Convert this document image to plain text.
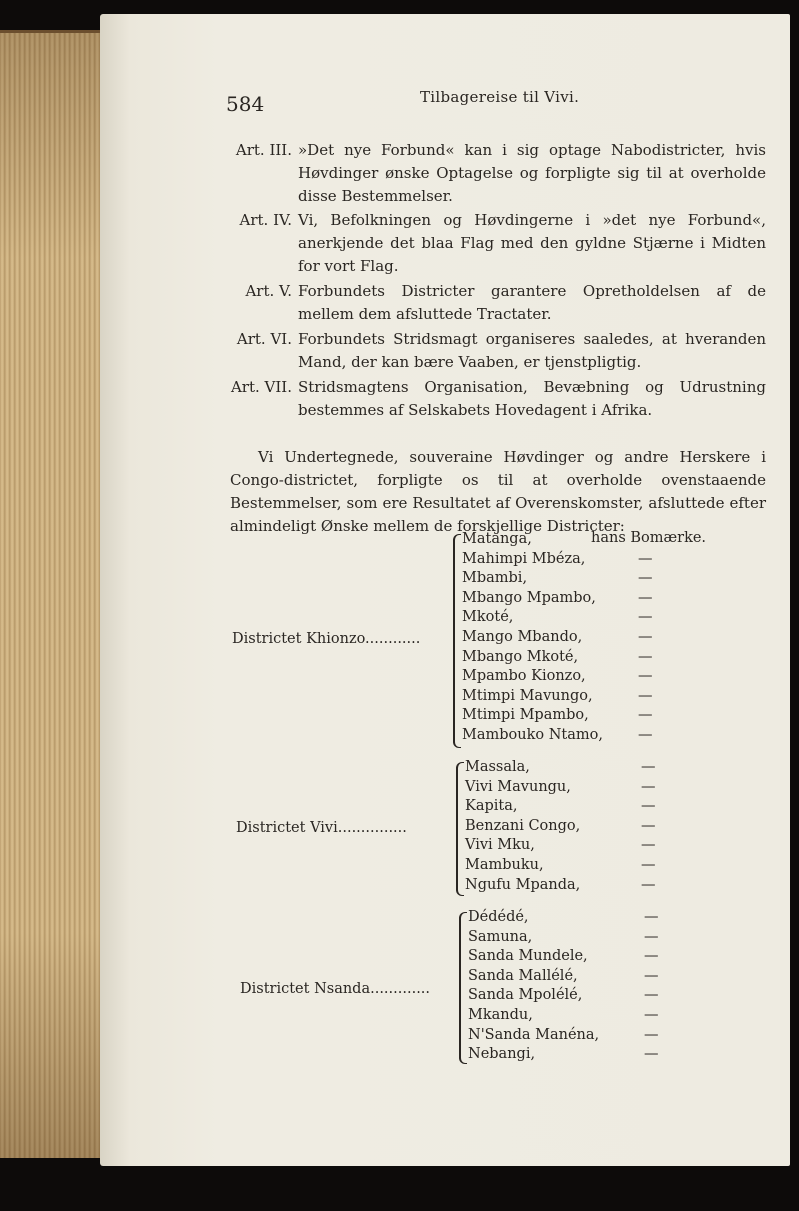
584	Tilbagereise til Vivi.
Art. III. »Det nye Forbund« kan i sig optage Nabodistricter, hvis Høvdinger ønske Optagelse og forpligte sig til at overholde disse Bestemmelser.
Art. IV. Vi, Befolkningen og Høvdingerne i »det nye Forbund«, anerkjende det blaa Flag med den gyldne Stjærne i Midten for vort Flag.
Art. V. Forbundets Districter garantere Opretholdelsen af de mellem dem afsluttede Tractater.
Art. VI. Forbundets Stridsmagt organiseres saaledes, at hveranden Mand, der kan bære Vaaben, er tjenstpligtig.
Art. VII. Stridsmagtens Organisation, Bevæbning og Udrustning bestemmes af Selskabets Hovedagent i Afrika.
Vi Undertegnede, souveraine Høvdinger og andre Herskere i Congo-districtet, forpligte os til at overholde ovenstaaende Bestemmelser, som ere Resultatet af Overenskomster, afsluttede efter almindeligt Ønske mellem de forskjellige Districter:
hans Bomærke.
Districtet Khionzo............
Matanga,
Mahimpi Mbéza,	—
Mbambi,	—
Mbango Mpambo,	—
Mkoté,	—
Mango Mbando,	—
Mbango Mkoté,	—
Mpambo Kionzo,	—
Mtimpi Mavungo,	—
Mtimpi Mpambo,	—
Mambouko Ntamo, —
Districtet Vivi...............
Massala,	—
Vivi Mavungu,	—
Kapita,	—
Benzani Congo,	—
Vivi Mku,	—
Mambuku,	—
Ngufu Mpanda,	—
Districtet Nsanda.............
Dédédé,	—
Samuna,	—
Sanda Mundele,	—
Sanda Mallélé,	—
Sanda Mpolélé,	—
Mkandu,	—
N'Sanda Manéna,	—
Nebangi,	—
